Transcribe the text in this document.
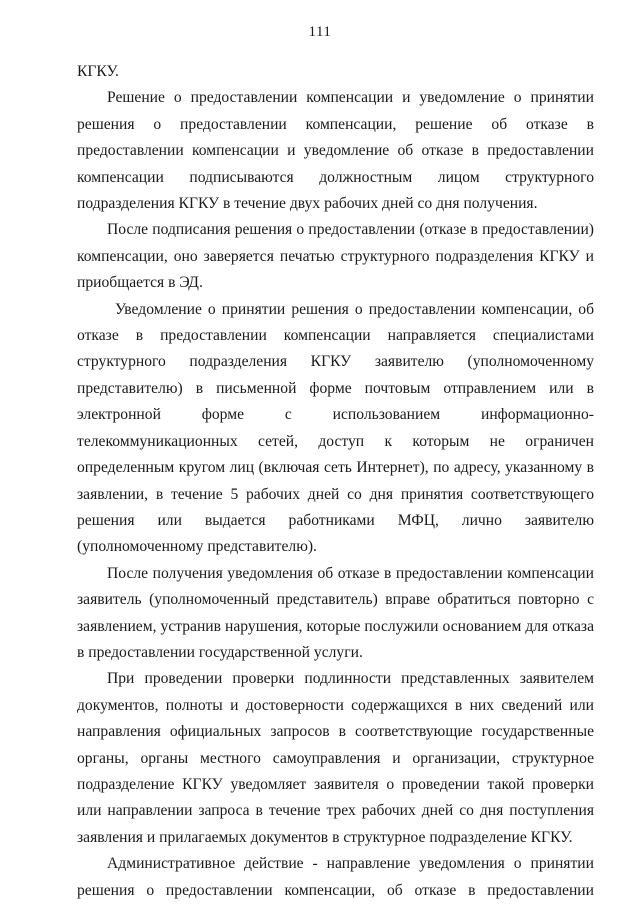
111

КГКУ.

Решение о предоставлении компенсации и уведомление о принятии решения о предоставлении компенсации, решение об отказе в предоставлении компенсации и уведомление об отказе в предоставлении компенсации подписываются должностным лицом структурного подразделения КГКУ в течение двух рабочих дней со дня получения.

После подписания решения о предоставлении (отказе в предоставлении) компенсации, оно заверяется печатью структурного подразделения КГКУ и приобщается в ЭД.

Уведомление о принятии решения о предоставлении компенсации, об отказе в предоставлении компенсации направляется специалистами структурного подразделения КГКУ заявителю (уполномоченному представителю) в письменной форме почтовым отправлением или в электронной форме с использованием информационно-телекоммуникационных сетей, доступ к которым не ограничен определенным кругом лиц (включая сеть Интернет), по адресу, указанному в заявлении, в течение 5 рабочих дней со дня принятия соответствующего решения или выдается работниками МФЦ, лично заявителю (уполномоченному представителю).

После получения уведомления об отказе в предоставлении компенсации заявитель (уполномоченный представитель) вправе обратиться повторно с заявлением, устранив нарушения, которые послужили основанием для отказа в предоставлении государственной услуги.

При проведении проверки подлинности представленных заявителем документов, полноты и достоверности содержащихся в них сведений или направления официальных запросов в соответствующие государственные органы, органы местного самоуправления и организации, структурное подразделение КГКУ уведомляет заявителя о проведении такой проверки или направлении запроса в течение трех рабочих дней со дня поступления заявления и прилагаемых документов в структурное подразделение КГКУ.

Административное действие - направление уведомления о принятии решения о предоставлении компенсации, об отказе в предоставлении
